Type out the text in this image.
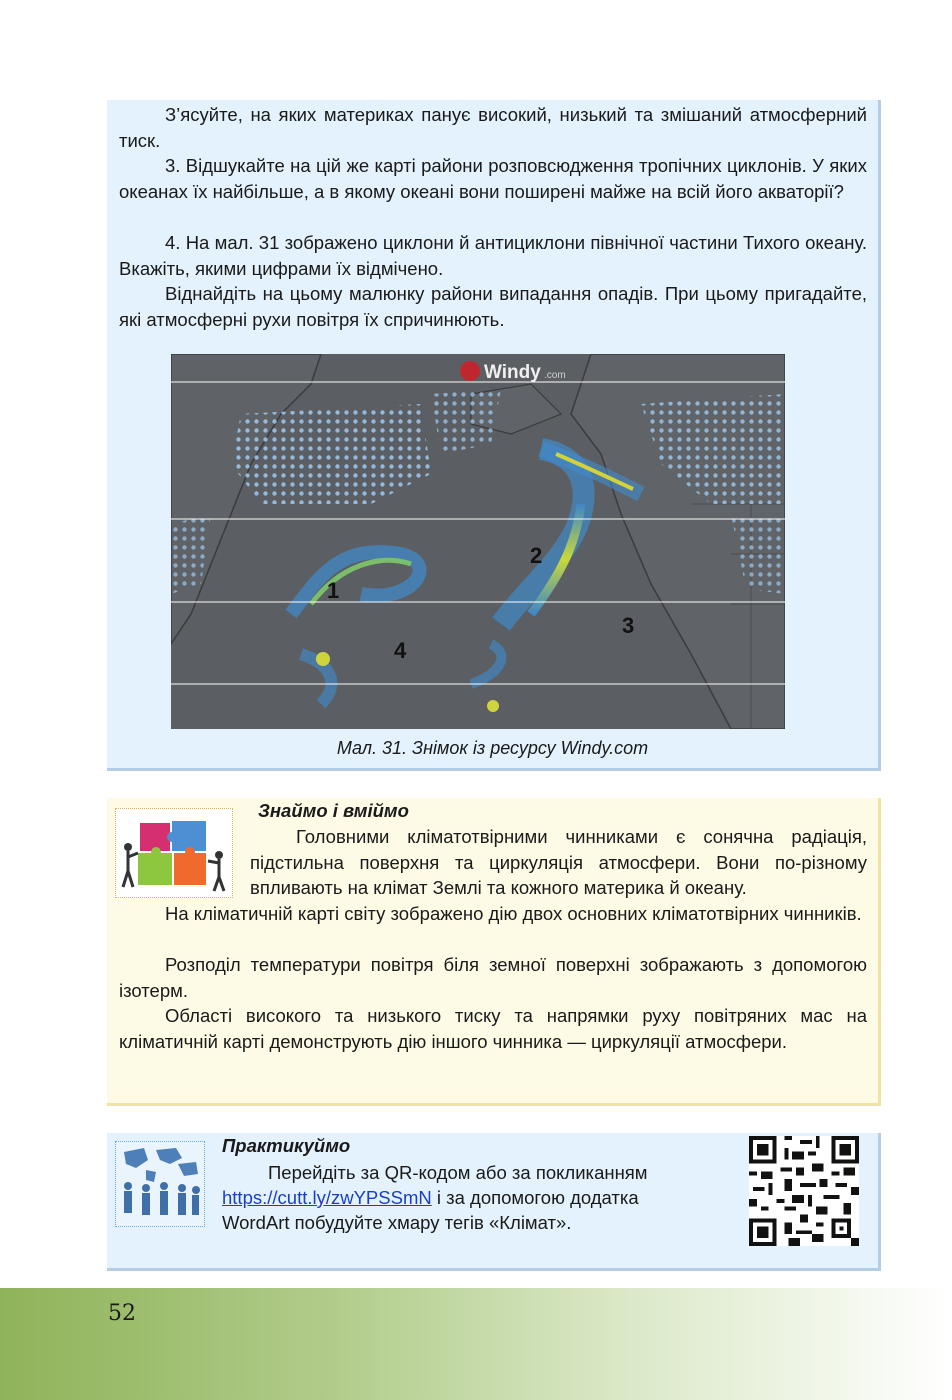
З’ясуйте, на яких материках панує високий, низький та змішаний атмосферний тиск.

3. Відшукайте на цій же карті райони розповсюдження тропічних циклонів. У яких океанах їх найбільше, а в якому океані вони поширені майже на всій його акваторії?

4. На мал. 31 зображено циклони й антициклони північної частини Тихого океану. Вкажіть, якими цифрами їх відмічено.

Віднайдіть на цьому малюнку райони випадання опадів. При цьому пригадайте, які атмосферні рухи повітря їх спричинюють.

Windy .com
1
2
3
4
Мал. 31. Знімок із ресурсу Windy.com
Знаймо і вміймо

Головними кліматотвірними чинниками є сонячна радіація, підстильна поверхня та циркуляція атмосфери. Вони по-різному впливають на клімат Землі та кожного материка й океану.

На кліматичній карті світу зображено дію двох основних кліматотвірних чинників.

Розподіл температури повітря біля земної поверхні зображають з допомогою ізотерм.

Області високого та низького тиску та напрямки руху повітряних мас на кліматичній карті демонструють дію іншого чинника — циркуляції атмосфери.

Практикуймо
Перейдіть за QR-кодом або за покликанням
https://cutt.ly/zwYPSSmN і за допомогою додатка
WordArt побудуйте хмару тегів «Клімат».
52
